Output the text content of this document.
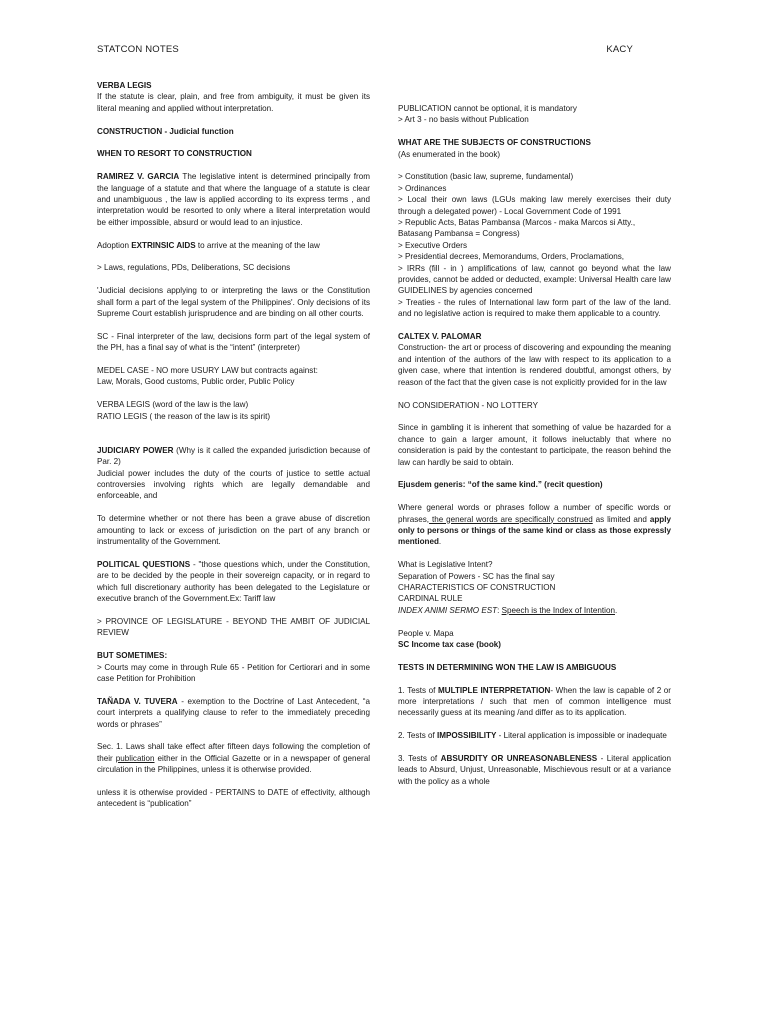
STATCON NOTES	KACY

VERBA LEGIS

If the statute is clear, plain, and free from ambiguity, it must be given its literal meaning and applied without interpretation.

CONSTRUCTION - Judicial function

WHEN TO RESORT TO CONSTRUCTION

RAMIREZ V. GARCIA The legislative intent is determined principally from the language of a statute and that where the language of a statute is clear and unambiguous , the law is applied according to its express terms , and interpretation would be resorted to only where a literal interpretation would be either impossible, absurd or would lead to an injustice.

Adoption EXTRINSIC AIDS to arrive at the meaning of the law

> Laws, regulations, PDs, Deliberations, SC decisions

'Judicial decisions applying to or interpreting the laws or the Constitution shall form a part of the legal system of the Philippines'. Only decisions of its Supreme Court establish jurisprudence and are binding on all other courts.

SC - Final interpreter of the law, decisions form part of the legal system of the PH, has a final say of what is the “intent” (interpreter)

MEDEL CASE - NO more USURY LAW but contracts against:

Law, Morals, Good customs, Public order, Public Policy

VERBA LEGIS (word of the law is the law)

RATIO LEGIS ( the reason of the law is its spirit)

JUDICIARY POWER (Why is it called the expanded jurisdiction because of Par. 2)

Judicial power includes the duty of the courts of justice to settle actual controversies involving rights which are legally demandable and enforceable, and

To determine whether or not there has been a grave abuse of discretion amounting to lack or excess of jurisdiction on the part of any branch or instrumentality of the Government.

POLITICAL QUESTIONS - "those questions which, under the Constitution, are to be decided by the people in their sovereign capacity, or in regard to which full discretionary authority has been delegated to the Legislature or executive branch of the Government.Ex: Tariff law

> PROVINCE OF LEGISLATURE - BEYOND THE AMBIT OF JUDICIAL REVIEW

BUT SOMETIMES:

> Courts may come in through Rule 65 - Petition for Certiorari and in some case Petition for Prohibition

TAÑADA V. TUVERA - exemption to the Doctrine of Last Antecedent, “a court interprets a qualifying clause to refer to the immediately preceding words or phrases”

Sec. 1. Laws shall take effect after fifteen days following the completion of their publication either in the Official Gazette or in a newspaper of general circulation in the Philippines, unless it is otherwise provided.

unless it is otherwise provided - PERTAINS to DATE of effectivity, although antecedent is “publication”

PUBLICATION cannot be optional, it is mandatory

> Art 3 - no basis without Publication

WHAT ARE THE SUBJECTS OF CONSTRUCTIONS

(As enumerated in the book)

> Constitution (basic law, supreme, fundamental)

> Ordinances

> Local their own laws (LGUs making law merely exercises their duty through a delegated power) - Local Government Code of 1991

> Republic Acts, Batas Pambansa (Marcos - maka Marcos si Atty., Batasang Pambansa = Congress)

> Executive Orders

> Presidential decrees, Memorandums, Orders, Proclamations,

> IRRs (fill - in ) amplifications of law, cannot go beyond what the law provides, cannot be added or deducted, example: Universal Health care law GUIDELINES by agencies concerned

> Treaties - the rules of International law form part of the law of the land. and no legislative action is required to make them applicable to a country.

CALTEX V. PALOMAR

Construction- the art or process of discovering and expounding the meaning and intention of the authors of the law with respect to its application to a given case, where that intention is rendered doubtful, amongst others, by reason of the fact that the given case is not explicitly provided for in the law

NO CONSIDERATION - NO LOTTERY

Since in gambling it is inherent that something of value be hazarded for a chance to gain a larger amount, it follows ineluctably that where no consideration is paid by the contestant to participate, the reason behind the law can hardly be said to obtain.

Ejusdem generis: “of the same kind.” (recit question)

Where general words or phrases follow a number of specific words or phrases, the general words are specifically construed as limited and apply only to persons or things of the same kind or class as those expressly mentioned.

What is Legislative Intent?

Separation of Powers - SC has the final say

CHARACTERISTICS OF CONSTRUCTION

CARDINAL RULE

INDEX ANIMI SERMO EST: Speech is the Index of Intention.

People v. Mapa

SC Income tax case (book)

TESTS IN DETERMINING WON THE LAW IS AMBIGUOUS

1. Tests of MULTIPLE INTERPRETATION- When the law is capable of 2 or more interpretations / such that men of common intelligence must necessarily guess at its meaning /and differ as to its application.

2. Tests of IMPOSSIBILITY - Literal application is impossible or inadequate

3. Tests of ABSURDITY OR UNREASONABLENESS - Literal application leads to Absurd, Unjust, Unreasonable, Mischievous result or at a variance with the policy as a whole
